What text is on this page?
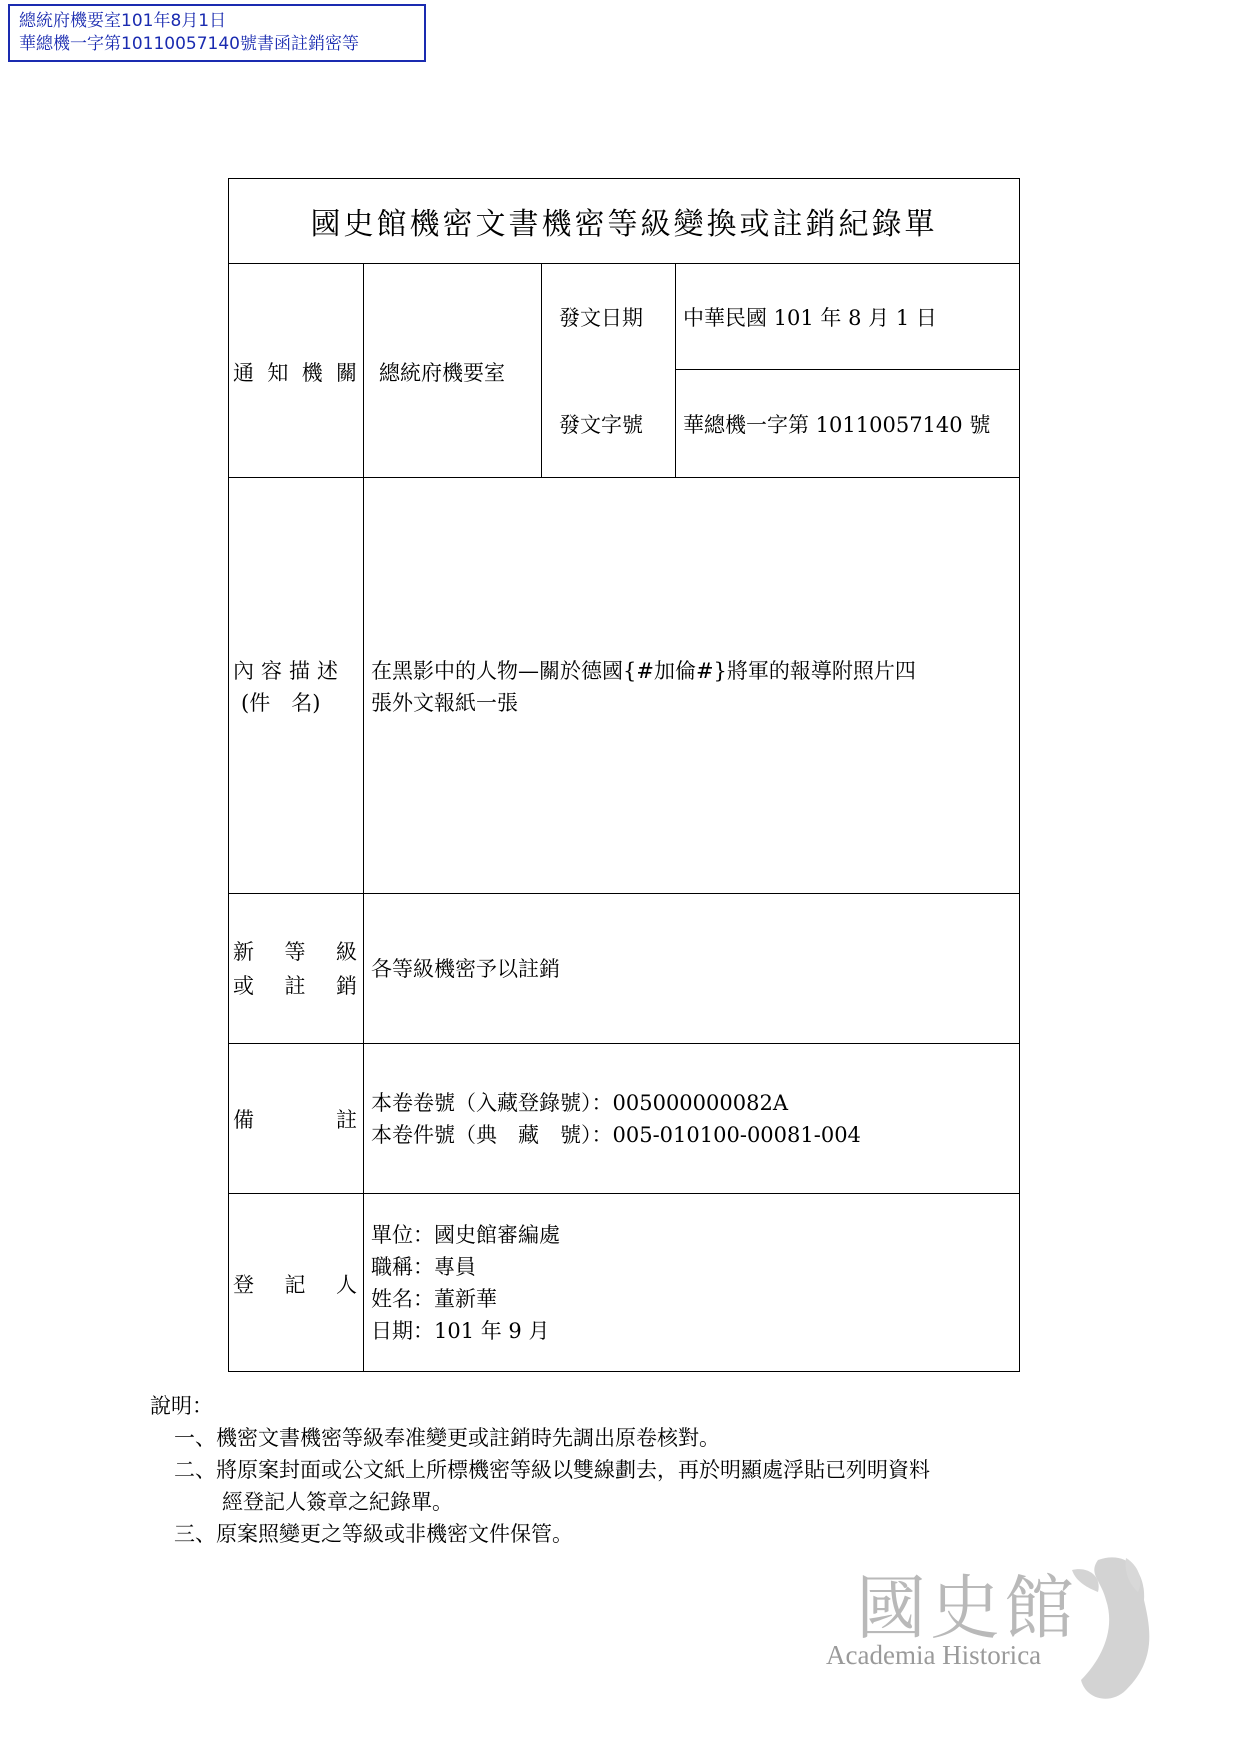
總統府機要室101年8月1日
華總機一字第10110057140號書函註銷密等
國史館機密文書機密等級變換或註銷紀錄單
通 知 機 關 總統府機要室
發文日期 中華民國 101 年 8 月 1 日
發文字號 華總機一字第 10110057140 號
內容描述
(件　名)
在黑影中的人物—關於德國{#加倫#}將軍的報導附照片四
張外文報紙一張
新 等 級
或 註 銷
各等級機密予以註銷
備	註
本卷卷號（入藏登錄號）：005000000082A
本卷件號（典　藏　號）：005-010100-00081-004
登 記 人
單位：國史館審編處
職稱：專員
姓名：董新華
日期：101 年 9 月
說明：
一、機密文書機密等級奉准變更或註銷時先調出原卷核對。
二、將原案封面或公文紙上所標機密等級以雙線劃去，再於明顯處浮貼已列明資料
經登記人簽章之紀錄單。
三、原案照變更之等級或非機密文件保管。
國史館
Academia Historica
